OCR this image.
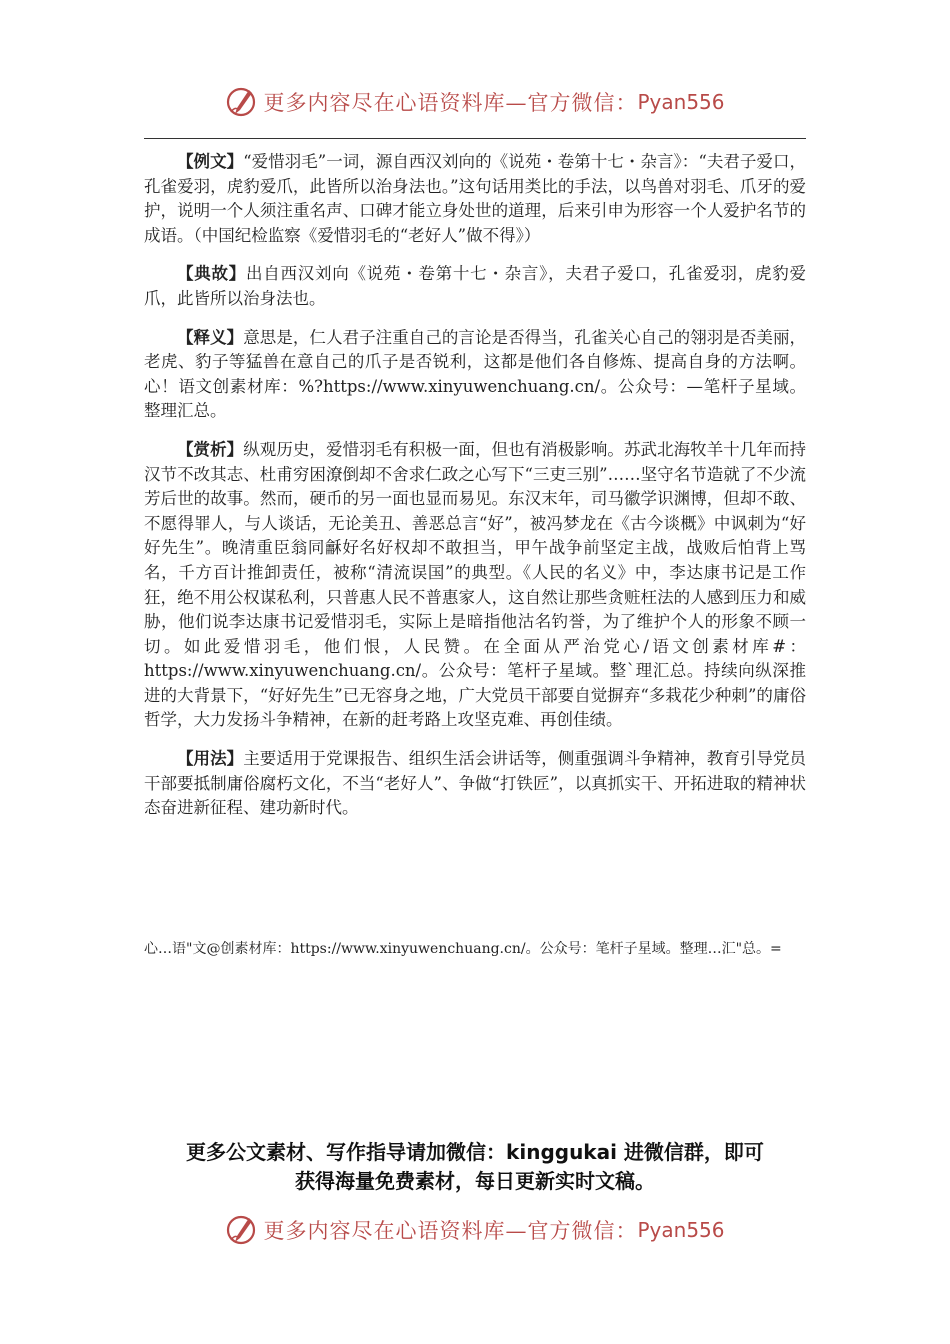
更多内容尽在心语资料库—官方微信： Pyan556

【例文】“爱惜羽毛”一词，源自西汉刘向的《说苑・卷第十七・杂言》：“夫君子爱口，孔雀爱羽，虎豹爱爪，此皆所以治身法也。”这句话用类比的手法，以鸟兽对羽毛、爪牙的爱护，说明一个人须注重名声、口碑才能立身处世的道理，后来引申为形容一个人爱护名节的成语。（中国纪检监察《爱惜羽毛的“老好人”做不得》）

【典故】出自西汉刘向《说苑・卷第十七・杂言》，夫君子爱口，孔雀爱羽，虎豹爱爪，此皆所以治身法也。

【释义】意思是，仁人君子注重自己的言论是否得当，孔雀关心自己的翎羽是否美丽，老虎、豹子等猛兽在意自己的爪子是否锐利，这都是他们各自修炼、提高自身的方法啊。心！语文创素材库：%?https://www.xinyuwenchuang.cn/。公众号：—笔杆子星域。整理汇总。

【赏析】纵观历史，爱惜羽毛有积极一面，但也有消极影响。苏武北海牧羊十几年而持汉节不改其志、杜甫穷困潦倒却不舍求仁政之心写下“三吏三别”……坚守名节造就了不少流芳后世的故事。然而，硬币的另一面也显而易见。东汉末年，司马徽学识渊博，但却不敢、不愿得罪人，与人谈话，无论美丑、善恶总言“好”，被冯梦龙在《古今谈概》中讽刺为“好好先生”。晚清重臣翁同龢好名好权却不敢担当，甲午战争前坚定主战，战败后怕背上骂名，千方百计推卸责任，被称“清流误国”的典型。《人民的名义》中，李达康书记是工作狂，绝不用公权谋私利，只普惠人民不普惠家人，这自然让那些贪赃枉法的人感到压力和威胁，他们说李达康书记爱惜羽毛，实际上是暗指他沽名钓誉，为了维护个人的形象不顾一切。如此爱惜羽毛，他们恨，人民赞。在全面从严治党心/语文创素材库#：https://www.xinyuwenchuang.cn/。公众号：笔杆子星域。整`理汇总。持续向纵深推进的大背景下，“好好先生”已无容身之地，广大党员干部要自觉摒弃“多栽花少种刺”的庸俗哲学，大力发扬斗争精神，在新的赶考路上攻坚克难、再创佳绩。

【用法】主要适用于党课报告、组织生活会讲话等，侧重强调斗争精神，教育引导党员干部要抵制庸俗腐朽文化，不当“老好人”、争做“打铁匠”，以真抓实干、开拓进取的精神状态奋进新征程、建功新时代。

心…语"文@创素材库：https://www.xinyuwenchuang.cn/。公众号：笔杆子星域。整理…汇"总。=
更多公文素材、写作指导请加微信：kinggukai 进微信群，即可
获得海量免费素材，每日更新实时文稿。
更多内容尽在心语资料库—官方微信： Pyan556
